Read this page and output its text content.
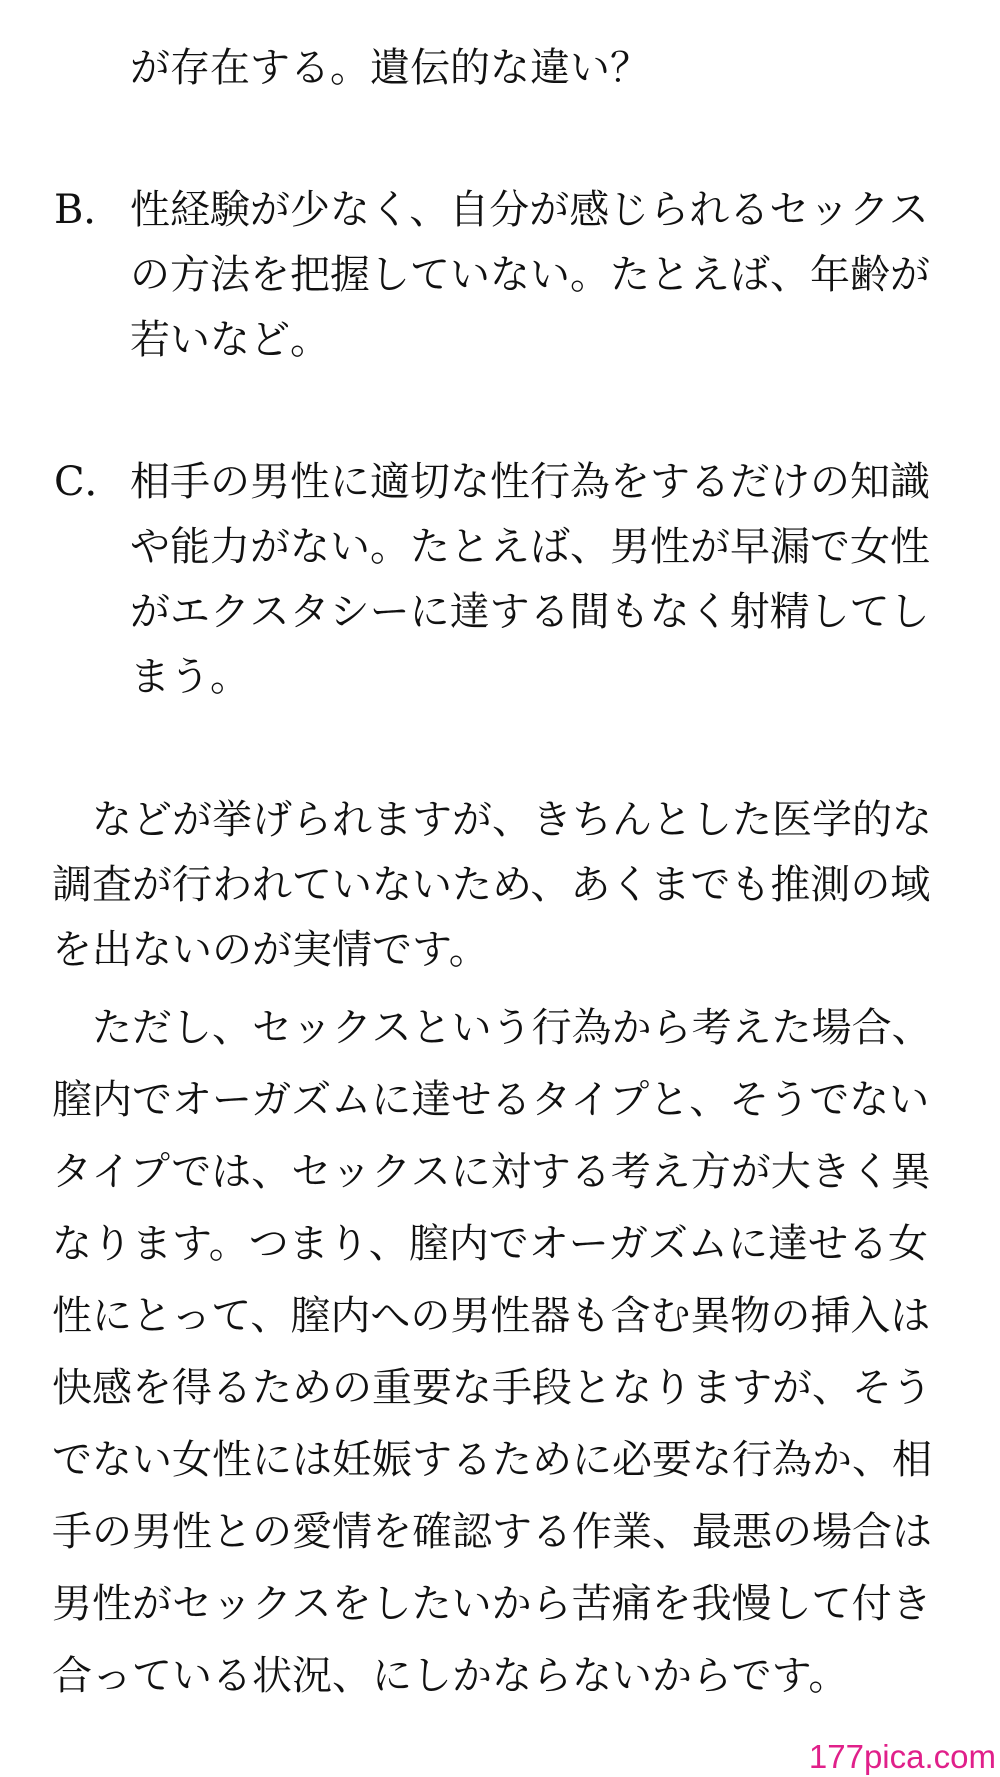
が存在する。遺伝的な違い？
B． 性経験が少なく、自分が感じられるセックス
の方法を把握していない。たとえば、年齢が
若いなど。
C． 相手の男性に適切な性行為をするだけの知識
や能力がない。たとえば、男性が早漏で女性
がエクスタシーに達する間もなく射精してし
まう。
などが挙げられますが、きちんとした医学的な
調査が行われていないため、あくまでも推測の域
を出ないのが実情です。
ただし、セックスという行為から考えた場合、
膣内でオーガズムに達せるタイプと、そうでない
タイプでは、セックスに対する考え方が大きく異
なります。つまり、膣内でオーガズムに達せる女
性にとって、膣内への男性器も含む異物の挿入は
快感を得るための重要な手段となりますが、そう
でない女性には妊娠するために必要な行為か、相
手の男性との愛情を確認する作業、最悪の場合は
男性がセックスをしたいから苦痛を我慢して付き
合っている状況、にしかならないからです。
177pica.com
